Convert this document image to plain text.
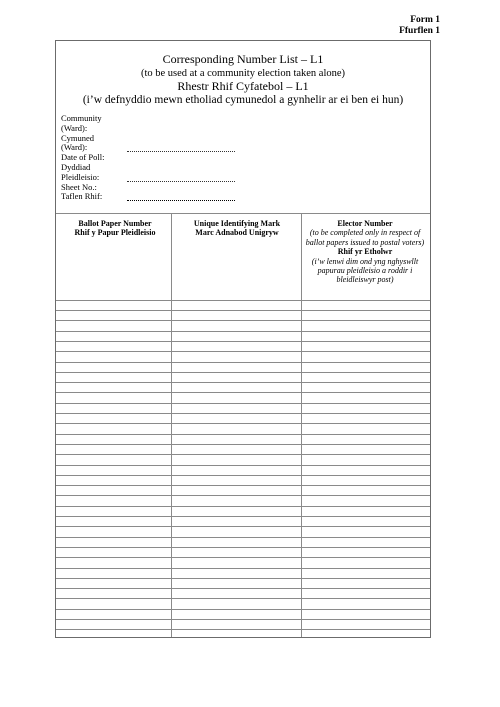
Form 1
Ffurflen 1
Corresponding Number List – L1
(to be used at a community election taken alone)
Rhestr Rhif Cyfatebol – L1
(i’w defnyddio mewn etholiad cymunedol a gynhelir ar ei ben ei hun)
Community
(Ward):
Cymuned
(Ward):
Date of Poll:
Dyddiad
Pleidleisio:
Sheet No.:
Taflen Rhif:
Ballot Paper Number
Rhif y Papur Pleidleisio
Unique Identifying Mark
Marc Adnabod Unigryw
Elector Number
(to be completed only in respect of ballot papers issued to postal voters)
Rhif yr Etholwr
(i’w lenwi dim ond yng nghyswllt papurau pleidleisio a roddir i bleidleiswyr post)
